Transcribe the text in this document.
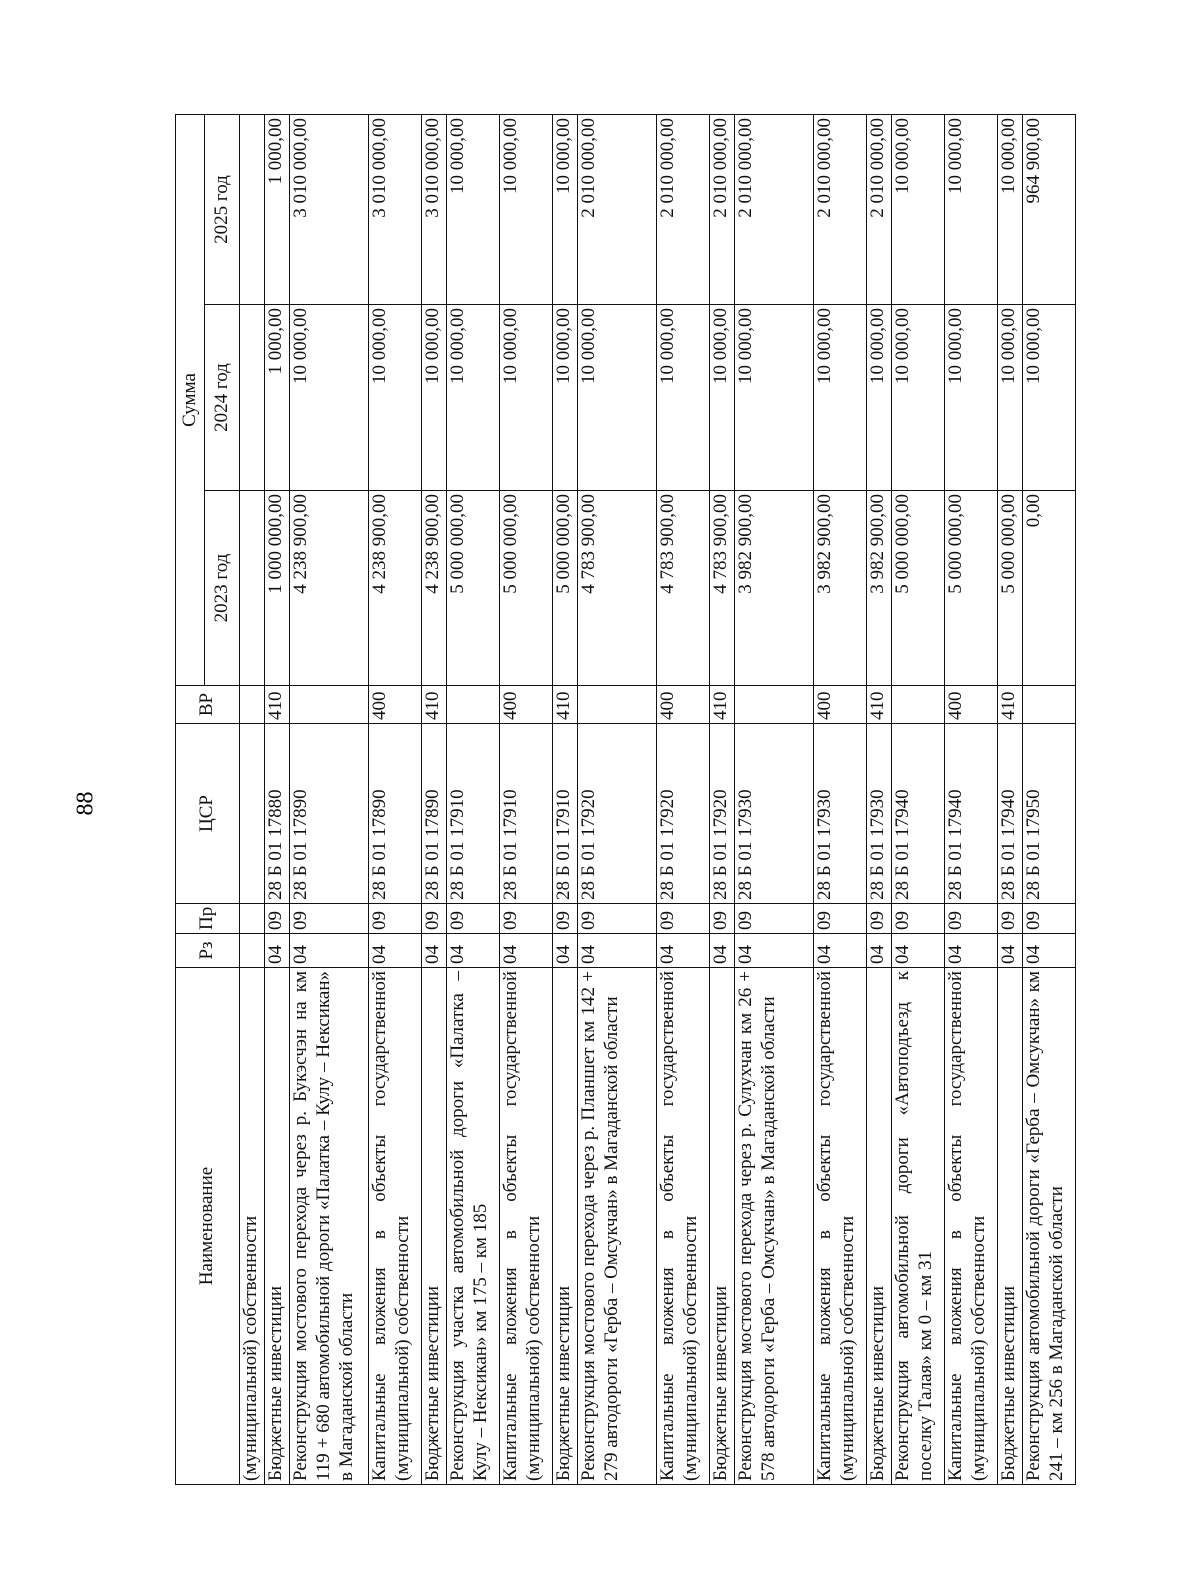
88
Наименование	Рз	Пр	ЦСР	ВР	Сумма		
					2023 год	2024 год	2025 год
(муниципальной) собственности							
Бюджетные инвестиции	04	09	28 Б 01 17880	410	1 000 000,00	1 000,00	1 000,00
Реконструкция мостового перехода через р. Букэсчэн на км 119 + 680 автомобильной дороги «Палатка – Кулу – Нексикан» в Магаданской области	04	09	28 Б 01 17890		4 238 900,00	10 000,00	3 010 000,00
Капитальные вложения в объекты государственной (муниципальной) собственности	04	09	28 Б 01 17890	400	4 238 900,00	10 000,00	3 010 000,00
Бюджетные инвестиции	04	09	28 Б 01 17890	410	4 238 900,00	10 000,00	3 010 000,00
Реконструкция участка автомобильной дороги «Палатка – Кулу – Нексикан» км 175 – км 185	04	09	28 Б 01 17910		5 000 000,00	10 000,00	10 000,00
Капитальные вложения в объекты государственной (муниципальной) собственности	04	09	28 Б 01 17910	400	5 000 000,00	10 000,00	10 000,00
Бюджетные инвестиции	04	09	28 Б 01 17910	410	5 000 000,00	10 000,00	10 000,00
Реконструкция мостового перехода через р. Планшет км 142 + 279 автодороги «Герба – Омсукчан» в Магаданской области	04	09	28 Б 01 17920		4 783 900,00	10 000,00	2 010 000,00
Капитальные вложения в объекты государственной (муниципальной) собственности	04	09	28 Б 01 17920	400	4 783 900,00	10 000,00	2 010 000,00
Бюджетные инвестиции	04	09	28 Б 01 17920	410	4 783 900,00	10 000,00	2 010 000,00
Реконструкция мостового перехода через р. Сулухчан км 26 + 578 автодороги «Герба – Омсукчан» в Магаданской области	04	09	28 Б 01 17930		3 982 900,00	10 000,00	2 010 000,00
Капитальные вложения в объекты государственной (муниципальной) собственности	04	09	28 Б 01 17930	400	3 982 900,00	10 000,00	2 010 000,00
Бюджетные инвестиции	04	09	28 Б 01 17930	410	3 982 900,00	10 000,00	2 010 000,00
Реконструкция автомобильной дороги «Автоподъезд к поселку Талая» км 0 – км 31	04	09	28 Б 01 17940		5 000 000,00	10 000,00	10 000,00
Капитальные вложения в объекты государственной (муниципальной) собственности	04	09	28 Б 01 17940	400	5 000 000,00	10 000,00	10 000,00
Бюджетные инвестиции	04	09	28 Б 01 17940	410	5 000 000,00	10 000,00	10 000,00
Реконструкция автомобильной дороги «Герба – Омсукчан» км 241 – км 256 в Магаданской области	04	09	28 Б 01 17950		0,00	10 000,00	964 900,00
